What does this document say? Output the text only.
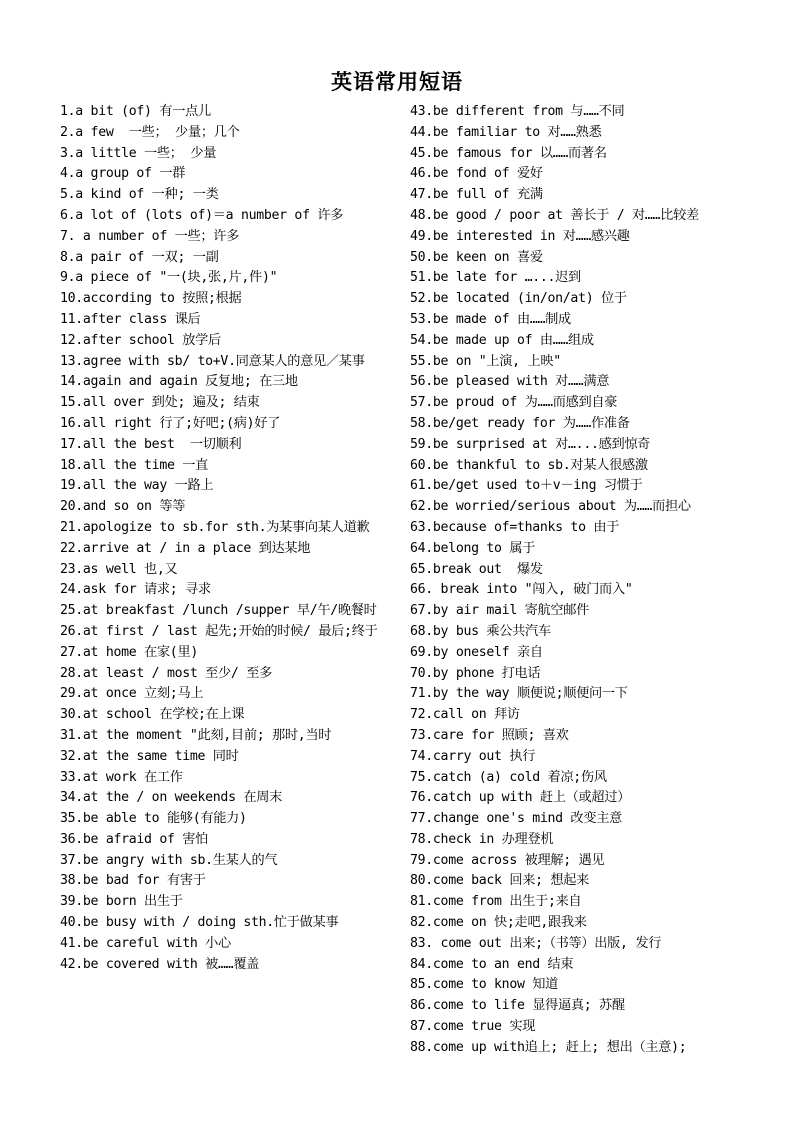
英语常用短语
1.a bit (of) 有一点儿
2.a few  一些； 少量；几个
3.a little 一些； 少量
4.a group of 一群
5.a kind of 一种; 一类
6.a lot of (lots of)＝a number of 许多
7. a number of 一些；许多
8.a pair of 一双; 一副
9.a piece of "一(块,张,片,件)"
10.according to 按照;根据
11.after class 课后
12.after school 放学后
13.agree with sb/ to+V.同意某人的意见／某事
14.again and again 反复地; 在三地
15.all over 到处; 遍及; 结束
16.all right 行了;好吧;(病)好了
17.all the best  一切顺利
18.all the time 一直
19.all the way 一路上
20.and so on 等等
21.apologize to sb.for sth.为某事向某人道歉
22.arrive at / in a place 到达某地
23.as well 也,又
24.ask for 请求; 寻求
25.at breakfast /lunch /supper 早/午/晚餐时
26.at first / last 起先;开始的时候/ 最后;终于
27.at home 在家(里)
28.at least / most 至少/ 至多
29.at once 立刻;马上
30.at school 在学校;在上课
31.at the moment "此刻,目前; 那时,当时
32.at the same time 同时
33.at work 在工作
34.at the / on weekends 在周末
35.be able to 能够(有能力)
36.be afraid of 害怕
37.be angry with sb.生某人的气
38.be bad for 有害于
39.be born 出生于
40.be busy with / doing sth.忙于做某事
41.be careful with 小心
42.be covered with 被……覆盖
43.be different from 与……不同
44.be familiar to 对……熟悉
45.be famous for 以……而著名
46.be fond of 爱好
47.be full of 充满
48.be good / poor at 善长于 / 对……比较差
49.be interested in 对……感兴趣
50.be keen on 喜爱
51.be late for …...迟到
52.be located (in/on/at) 位于
53.be made of 由……制成
54.be made up of 由……组成
55.be on "上演, 上映"
56.be pleased with 对……满意
57.be proud of 为……而感到自豪
58.be/get ready for 为……作准备
59.be surprised at 对…...感到惊奇
60.be thankful to sb.对某人很感激
61.be/get used to＋v－ing 习惯于
62.be worried/serious about 为……而担心
63.because of=thanks to 由于
64.belong to 属于
65.break out  爆发
66. break into "闯入, 破门而入"
67.by air mail 寄航空邮件
68.by bus 乘公共汽车
69.by oneself 亲自
70.by phone 打电话
71.by the way 顺便说;顺便问一下
72.call on 拜访
73.care for 照顾; 喜欢
74.carry out 执行
75.catch (a) cold 着凉;伤风
76.catch up with 赶上（或超过）
77.change one's mind 改变主意
78.check in 办理登机
79.come across 被理解; 遇见
80.come back 回来; 想起来
81.come from 出生于;来自
82.come on 快;走吧,跟我来
83. come out 出来;（书等）出版, 发行
84.come to an end 结束
85.come to know 知道
86.come to life 显得逼真; 苏醒
87.come true 实现
88.come up with追上; 赶上; 想出（主意);
